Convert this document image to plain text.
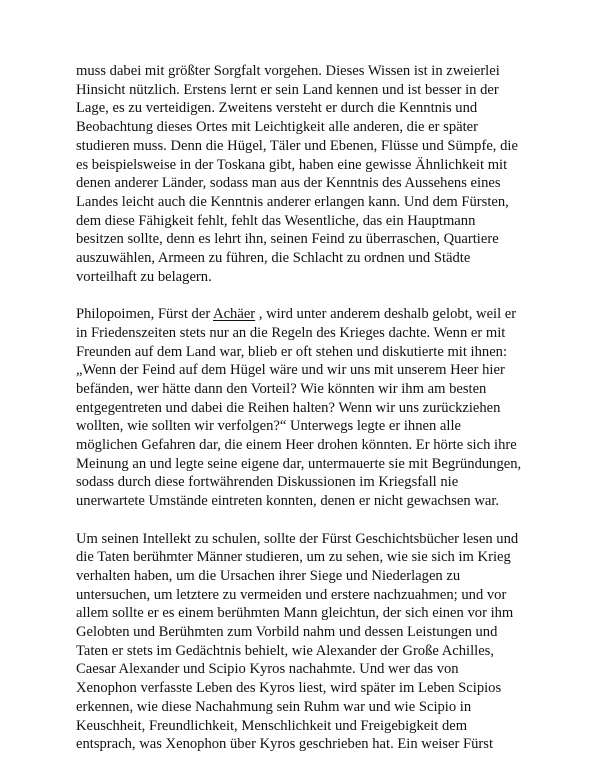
muss dabei mit größter Sorgfalt vorgehen. Dieses Wissen ist in zweierlei
Hinsicht nützlich. Erstens lernt er sein Land kennen und ist besser in der
Lage, es zu verteidigen. Zweitens versteht er durch die Kenntnis und
Beobachtung dieses Ortes mit Leichtigkeit alle anderen, die er später
studieren muss. Denn die Hügel, Täler und Ebenen, Flüsse und Sümpfe, die
es beispielsweise in der Toskana gibt, haben eine gewisse Ähnlichkeit mit
denen anderer Länder, sodass man aus der Kenntnis des Aussehens eines
Landes leicht auch die Kenntnis anderer erlangen kann. Und dem Fürsten,
dem diese Fähigkeit fehlt, fehlt das Wesentliche, das ein Hauptmann
besitzen sollte, denn es lehrt ihn, seinen Feind zu überraschen, Quartiere
auszuwählen, Armeen zu führen, die Schlacht zu ordnen und Städte
vorteilhaft zu belagern.
Philopoimen, Fürst der Achäer , wird unter anderem deshalb gelobt, weil er
in Friedenszeiten stets nur an die Regeln des Krieges dachte. Wenn er mit
Freunden auf dem Land war, blieb er oft stehen und diskutierte mit ihnen:
„Wenn der Feind auf dem Hügel wäre und wir uns mit unserem Heer hier
befänden, wer hätte dann den Vorteil? Wie könnten wir ihm am besten
entgegentreten und dabei die Reihen halten? Wenn wir uns zurückziehen
wollten, wie sollten wir verfolgen?“ Unterwegs legte er ihnen alle
möglichen Gefahren dar, die einem Heer drohen könnten. Er hörte sich ihre
Meinung an und legte seine eigene dar, untermauerte sie mit Begründungen,
sodass durch diese fortwährenden Diskussionen im Kriegsfall nie
unerwartete Umstände eintreten konnten, denen er nicht gewachsen war.
Um seinen Intellekt zu schulen, sollte der Fürst Geschichtsbücher lesen und
die Taten berühmter Männer studieren, um zu sehen, wie sie sich im Krieg
verhalten haben, um die Ursachen ihrer Siege und Niederlagen zu
untersuchen, um letztere zu vermeiden und erstere nachzuahmen; und vor
allem sollte er es einem berühmten Mann gleichtun, der sich einen vor ihm
Gelobten und Berühmten zum Vorbild nahm und dessen Leistungen und
Taten er stets im Gedächtnis behielt, wie Alexander der Große Achilles,
Caesar Alexander und Scipio Kyros nachahmte. Und wer das von
Xenophon verfasste Leben des Kyros liest, wird später im Leben Scipios
erkennen, wie diese Nachahmung sein Ruhm war und wie Scipio in
Keuschheit, Freundlichkeit, Menschlichkeit und Freigebigkeit dem
entsprach, was Xenophon über Kyros geschrieben hat. Ein weiser Fürst
